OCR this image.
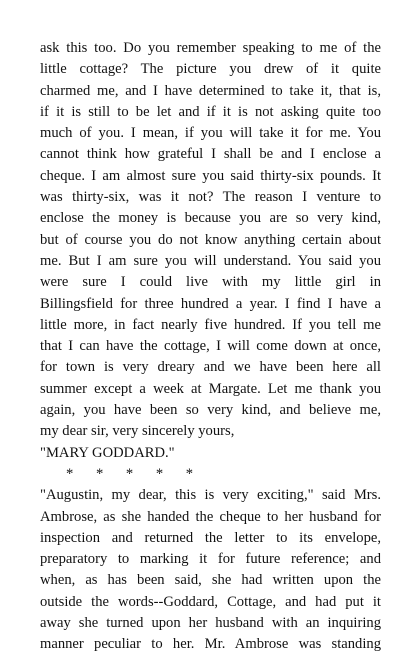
ask this too. Do you remember speaking to me of the
little cottage? The picture you drew of it quite
charmed me, and I have determined to take it, that is,
if it is still to be let and if it is not asking quite too
much of you. I mean, if you will take it for me. You
cannot think how grateful I shall be and I enclose a
cheque. I am almost sure you said thirty-six pounds. It
was thirty-six, was it not? The reason I venture to
enclose the money is because you are so very kind,
but of course you do not know anything certain about
me. But I am sure you will understand. You said you
were sure I could live with my little girl in
Billingsfield for three hundred a year. I find I have a
little more, in fact nearly five hundred. If you tell me
that I can have the cottage, I will come down at once,
for town is very dreary and we have been here all
summer except a week at Margate. Let me thank you
again, you have been so very kind, and believe me,
my dear sir, very sincerely yours,
"MARY GODDARD."
* * * * *
"Augustin, my dear, this is very exciting," said Mrs.
Ambrose, as she handed the cheque to her husband for
inspection and returned the letter to its envelope,
preparatory to marking it for future reference; and
when, as has been said, she had written upon the
outside the words--Goddard, Cottage, and had put it
away she turned upon her husband with an inquiring
manner peculiar to her. Mr. Ambrose was standing
